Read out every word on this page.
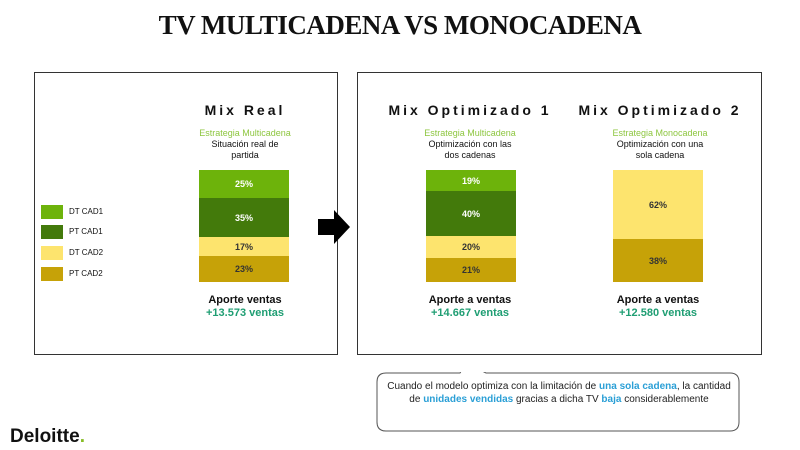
TV MULTICADENA VS MONOCADENA
Mix Real
Estrategia Multicadena
Situación real de
partida
25%
35%
17%
23%
Aporte ventas
+13.573 ventas
Mix Optimizado 1
Estrategia Multicadena
Optimización con las
dos cadenas
19%
40%
20%
21%
Aporte a ventas
+14.667 ventas
Mix Optimizado 2
Estrategia Monocadena
Optimización con una
sola cadena
62%
38%
Aporte a ventas
+12.580 ventas
DT CAD1
PT CAD1
DT CAD2
PT CAD2
Cuando el modelo optimiza con la limitación de una sola cadena, la cantidad de unidades vendidas gracias a dicha TV baja considerablemente
Deloitte.
